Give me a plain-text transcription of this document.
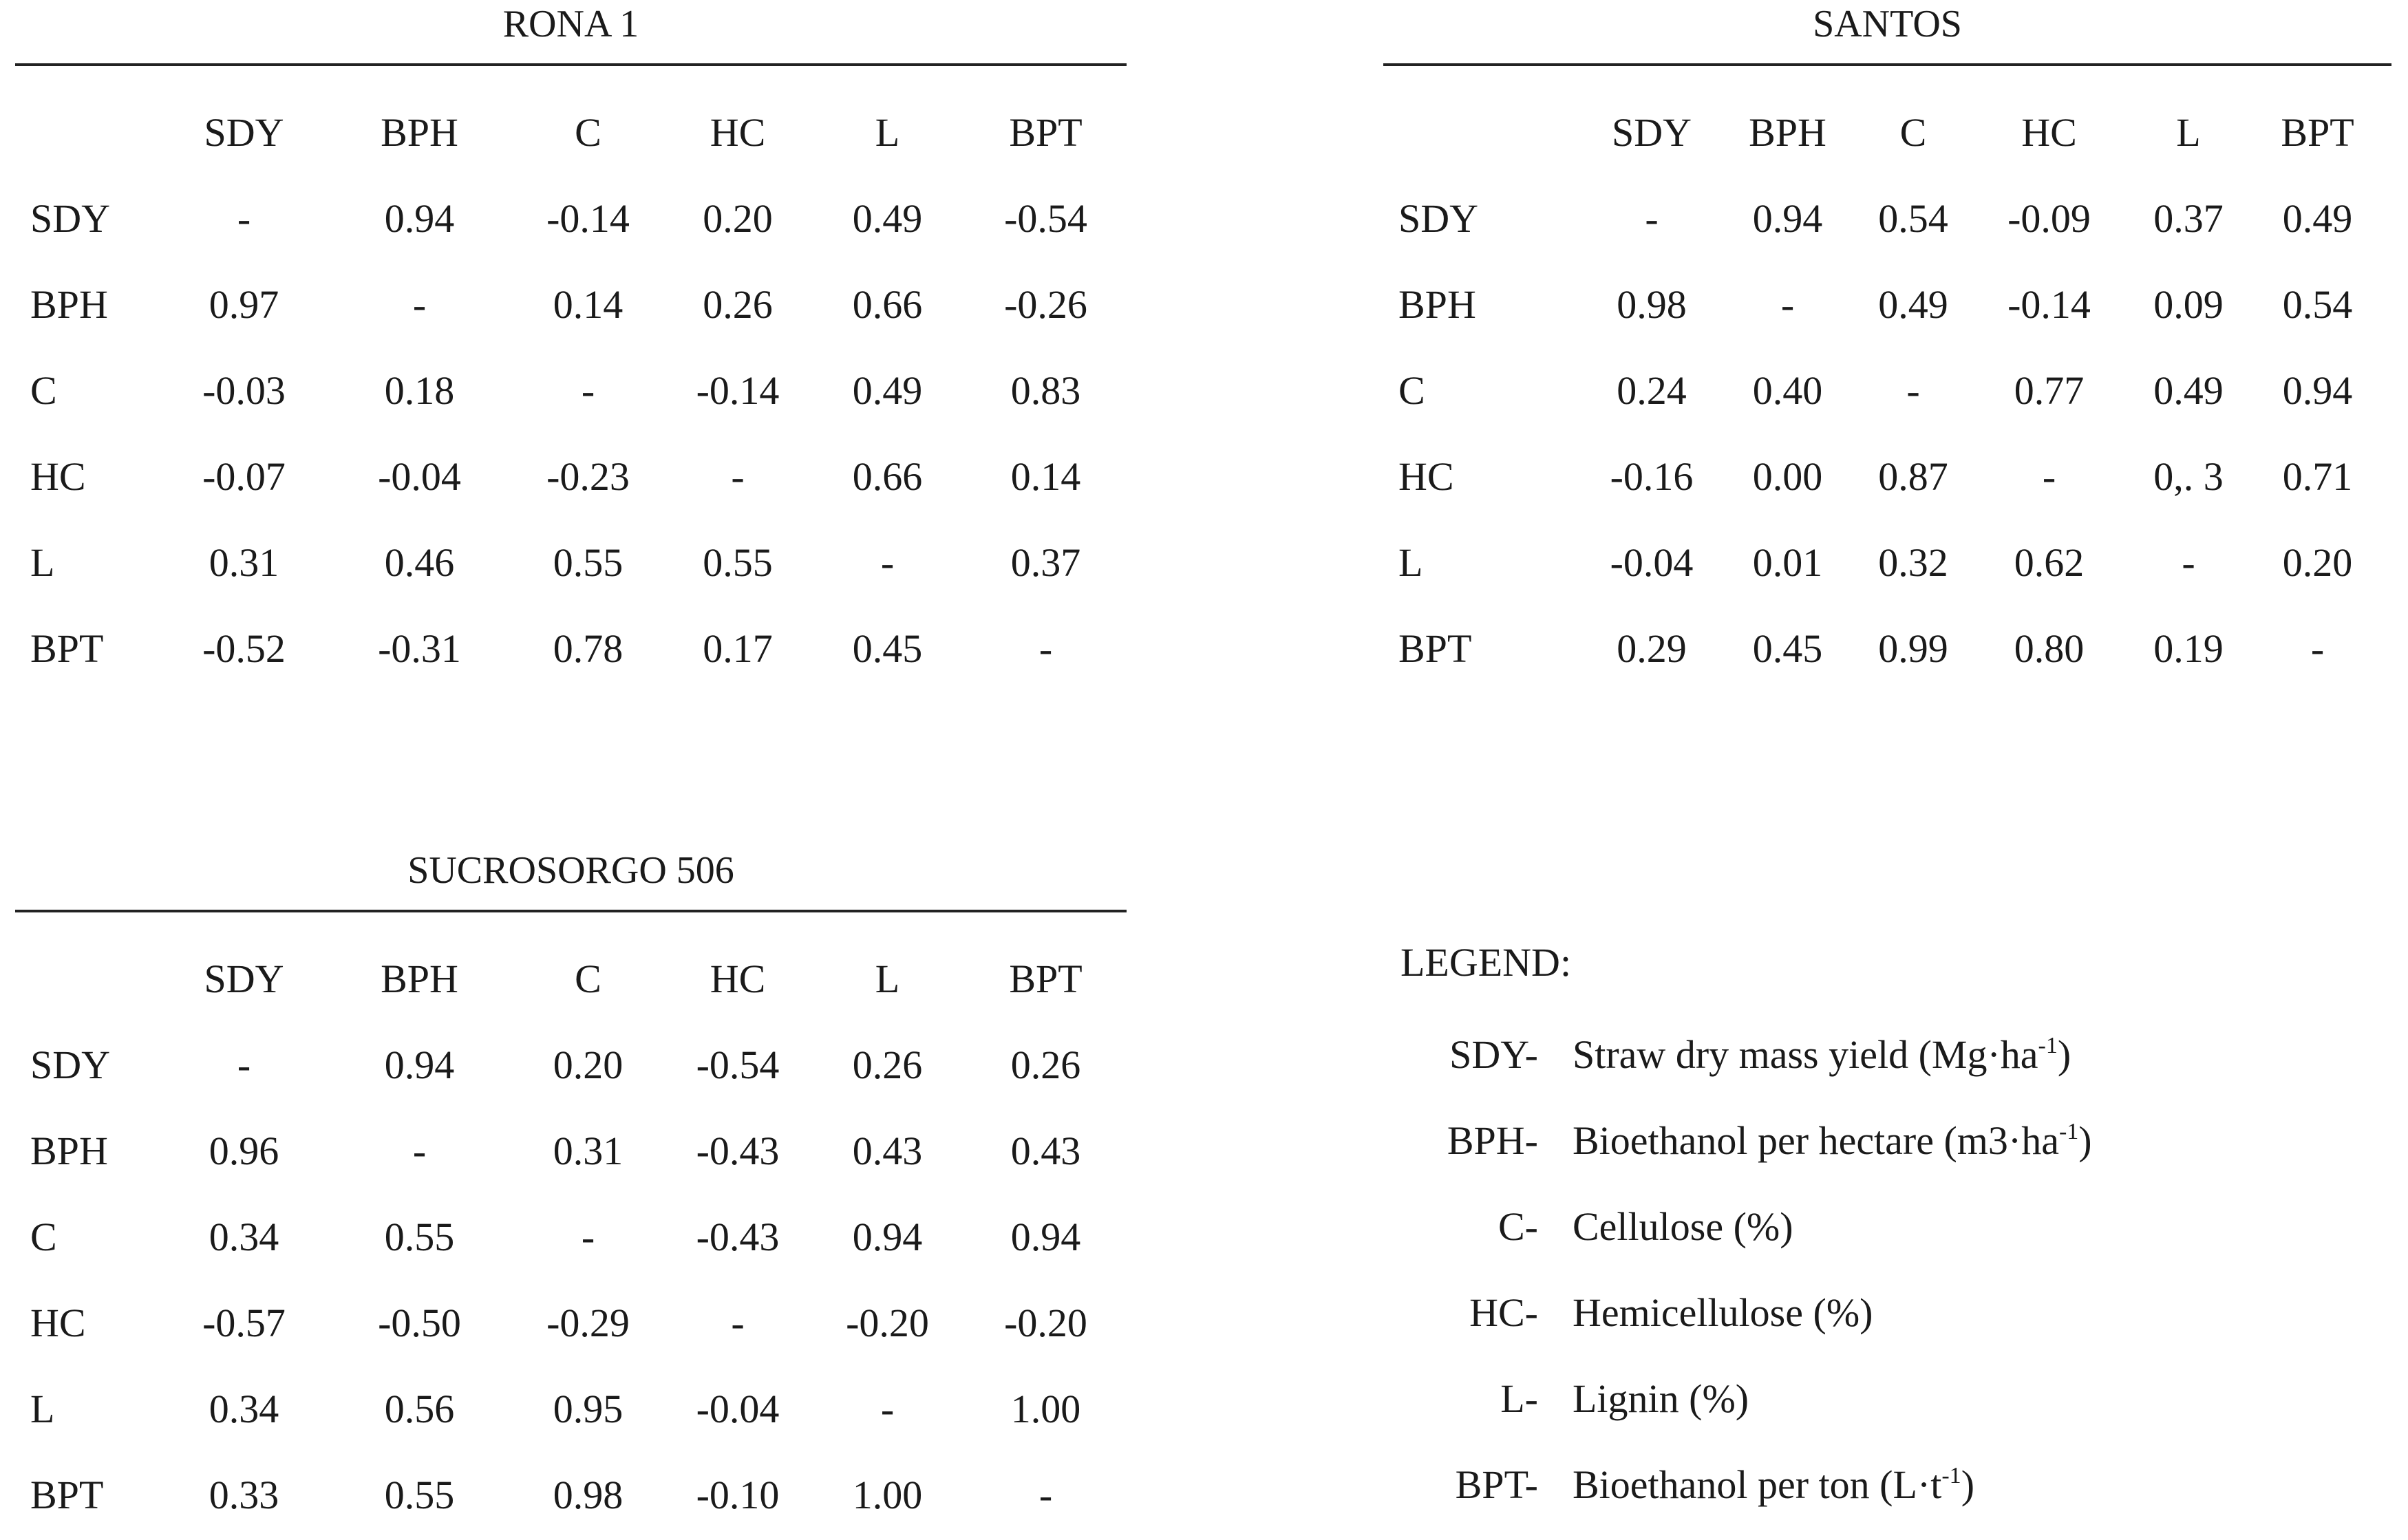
RONA 1
	SDY	BPH	C	HC	L	BPT
SDY	-	0.94	-0.14	0.20	0.49	-0.54
BPH	0.97	-	0.14	0.26	0.66	-0.26
C	-0.03	0.18	-	-0.14	0.49	0.83
HC	-0.07	-0.04	-0.23	-	0.66	0.14
L	0.31	0.46	0.55	0.55	-	0.37
BPT	-0.52	-0.31	0.78	0.17	0.45	-
SANTOS
	SDY	BPH	C	HC	L	BPT
SDY	-	0.94	0.54	-0.09	0.37	0.49
BPH	0.98	-	0.49	-0.14	0.09	0.54
C	0.24	0.40	-	0.77	0.49	0.94
HC	-0.16	0.00	0.87	-	0,. 3	0.71
L	-0.04	0.01	0.32	0.62	-	0.20
BPT	0.29	0.45	0.99	0.80	0.19	-
SUCROSORGO 506
	SDY	BPH	C	HC	L	BPT
SDY	-	0.94	0.20	-0.54	0.26	0.26
BPH	0.96	-	0.31	-0.43	0.43	0.43
C	0.34	0.55	-	-0.43	0.94	0.94
HC	-0.57	-0.50	-0.29	-	-0.20	-0.20
L	0.34	0.56	0.95	-0.04	-	1.00
BPT	0.33	0.55	0.98	-0.10	1.00	-
LEGEND:
SDY- Straw dry mass yield $(Mg\cdot ha^{-1})$
BPH- Bioethanol per hectare $(m3\cdot ha^{-1})$
C- Cellulose (%)
HC- Hemicellulose (%)
L- Lignin (%)
BPT- Bioethanol per ton $(L\cdot t^{-1})$
